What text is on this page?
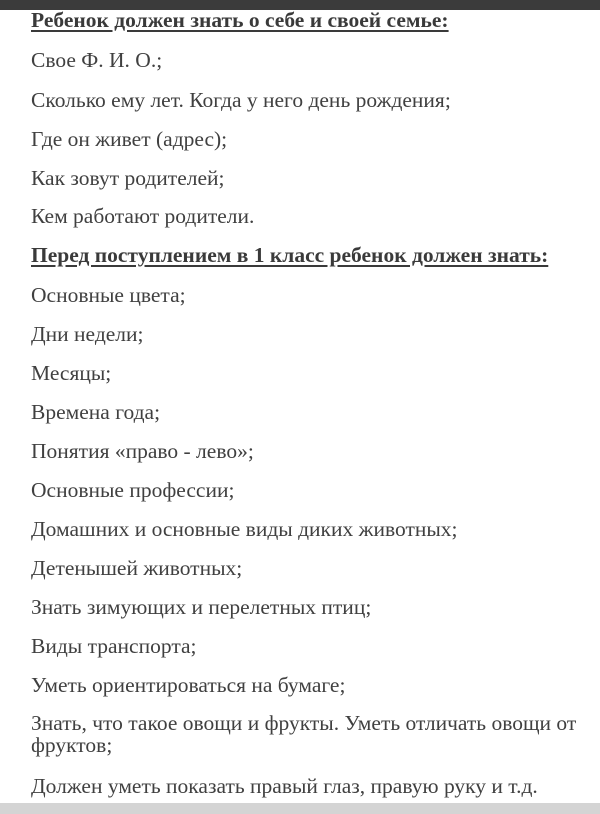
Ребенок должен знать о себе и своей семье:
Свое Ф. И. О.;
Сколько ему лет. Когда у него день рождения;
Где он живет (адрес);
Как зовут родителей;
Кем работают родители.
Перед поступлением в 1 класс ребенок должен знать:
Основные цвета;
Дни недели;
Месяцы;
Времена года;
Понятия «право - лево»;
Основные профессии;
Домашних и основные виды диких животных;
Детенышей животных;
Знать зимующих и перелетных птиц;
Виды транспорта;
Уметь ориентироваться на бумаге;
Знать, что такое овощи и фрукты. Уметь отличать овощи от фруктов;
Должен уметь показать правый глаз, правую руку и т.д.
